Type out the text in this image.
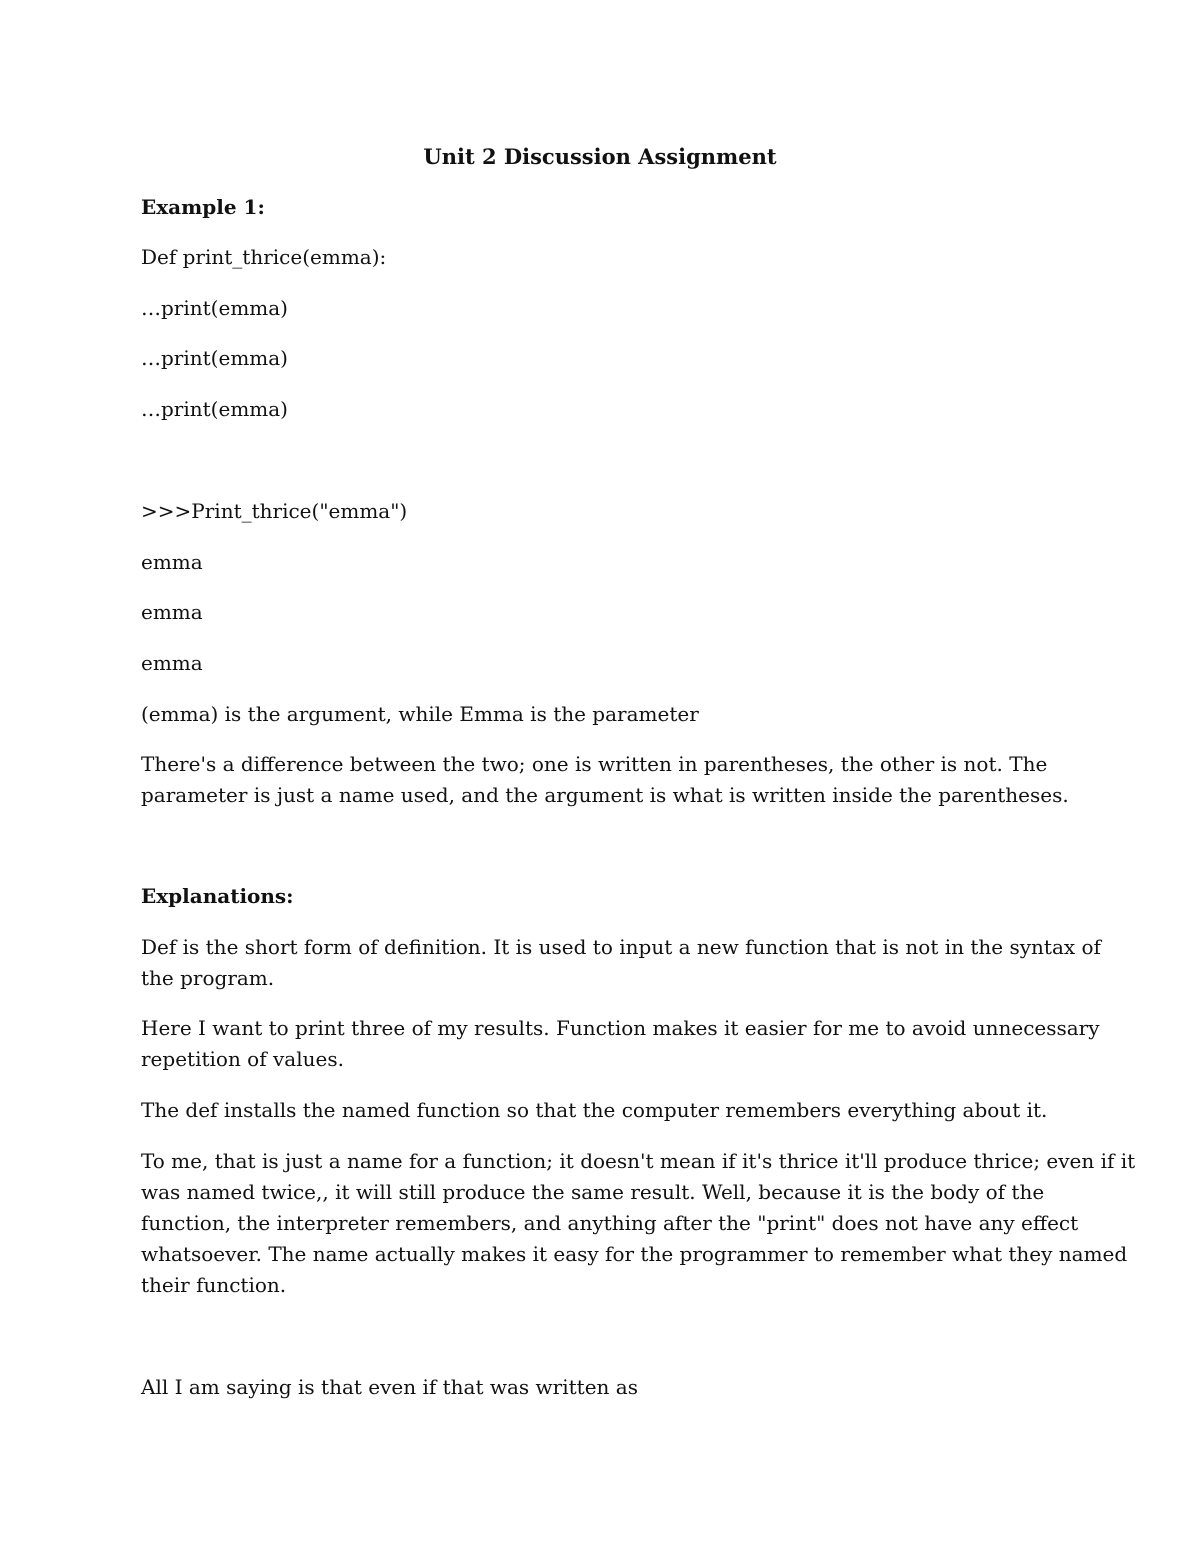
Unit 2 Discussion Assignment
Example 1:
Def print_thrice(emma):
…print(emma)
…print(emma)
…print(emma)
>>>Print_thrice("emma")
emma
emma
emma
(emma) is the argument, while Emma is the parameter
There's a difference between the two; one is written in parentheses, the other is not. The
parameter is just a name used, and the argument is what is written inside the parentheses.
Explanations:
Def is the short form of definition. It is used to input a new function that is not in the syntax of
the program.
Here I want to print three of my results. Function makes it easier for me to avoid unnecessary
repetition of values.
The def installs the named function so that the computer remembers everything about it.
To me, that is just a name for a function; it doesn't mean if it's thrice it'll produce thrice; even if it
was named twice,, it will still produce the same result. Well, because it is the body of the
function, the interpreter remembers, and anything after the "print" does not have any effect
whatsoever. The name actually makes it easy for the programmer to remember what they named
their function.
All I am saying is that even if that was written as
